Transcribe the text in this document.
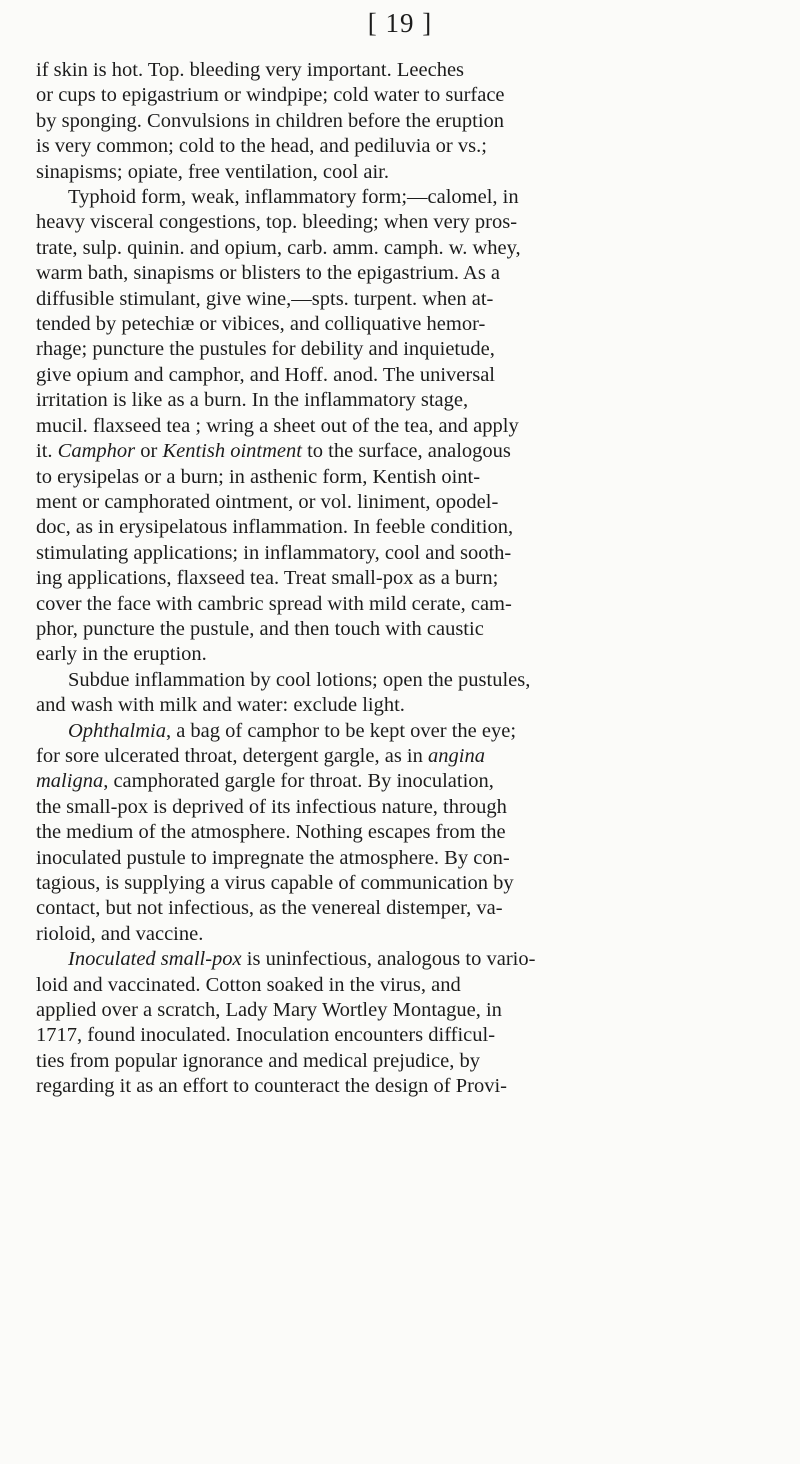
[ 19 ]
if skin is hot. Top. bleeding very important. Leeches
or cups to epigastrium or windpipe; cold water to surface
by sponging. Convulsions in children before the eruption
is very common; cold to the head, and pediluvia or vs.;
sinapisms; opiate, free ventilation, cool air.
Typhoid form, weak, inflammatory form;—calomel, in
heavy visceral congestions, top. bleeding; when very pros-
trate, sulp. quinin. and opium, carb. amm. camph. w. whey,
warm bath, sinapisms or blisters to the epigastrium. As a
diffusible stimulant, give wine,—spts. turpent. when at-
tended by petechiæ or vibices, and colliquative hemor-
rhage; puncture the pustules for debility and inquietude,
give opium and camphor, and Hoff. anod. The universal
irritation is like as a burn. In the inflammatory stage,
mucil. flaxseed tea ; wring a sheet out of the tea, and apply
it. Camphor or Kentish ointment to the surface, analogous
to erysipelas or a burn; in asthenic form, Kentish oint-
ment or camphorated ointment, or vol. liniment, opodel-
doc, as in erysipelatous inflammation. In feeble condition,
stimulating applications; in inflammatory, cool and sooth-
ing applications, flaxseed tea. Treat small-pox as a burn;
cover the face with cambric spread with mild cerate, cam-
phor, puncture the pustule, and then touch with caustic
early in the eruption.
Subdue inflammation by cool lotions; open the pustules,
and wash with milk and water: exclude light.
Ophthalmia, a bag of camphor to be kept over the eye;
for sore ulcerated throat, detergent gargle, as in angina
maligna, camphorated gargle for throat. By inoculation,
the small-pox is deprived of its infectious nature, through
the medium of the atmosphere. Nothing escapes from the
inoculated pustule to impregnate the atmosphere. By con-
tagious, is supplying a virus capable of communication by
contact, but not infectious, as the venereal distemper, va-
rioloid, and vaccine.
Inoculated small-pox is uninfectious, analogous to vario-
loid and vaccinated. Cotton soaked in the virus, and
applied over a scratch, Lady Mary Wortley Montague, in
1717, found inoculated. Inoculation encounters difficul-
ties from popular ignorance and medical prejudice, by
regarding it as an effort to counteract the design of Provi-
